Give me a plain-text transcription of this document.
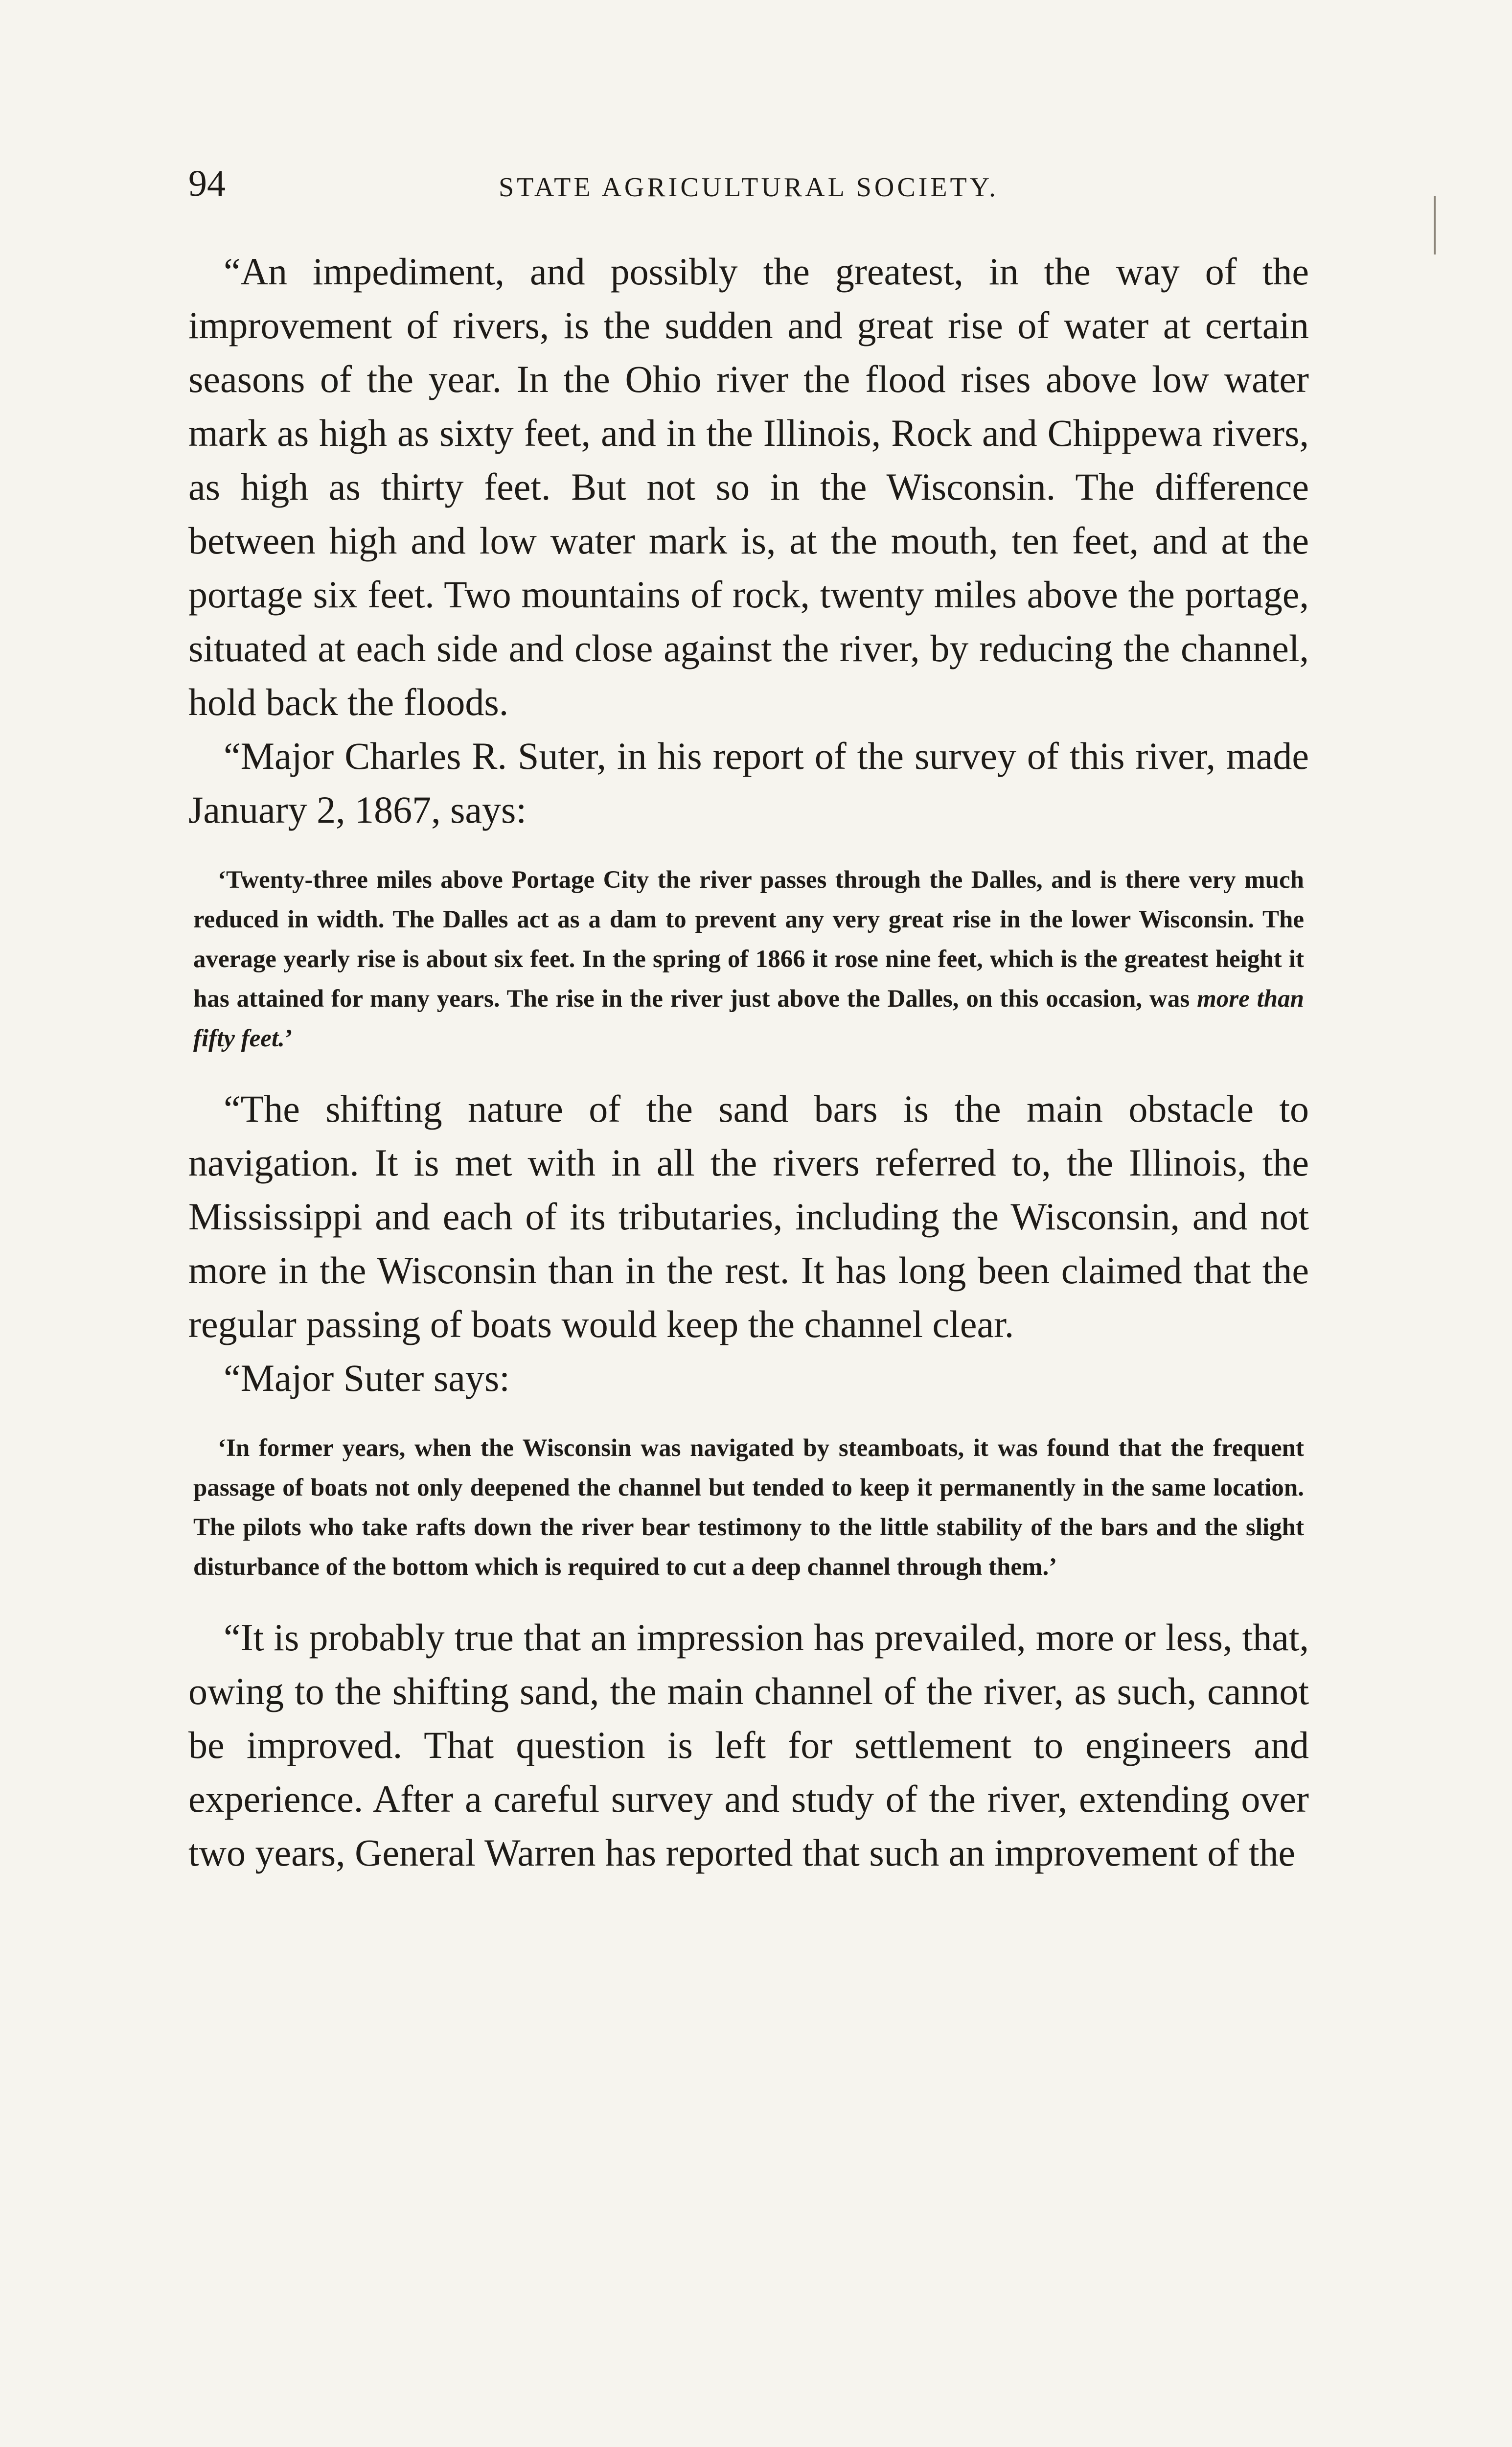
94	STATE AGRICULTURAL SOCIETY.

“An impediment, and possibly the greatest, in the way of the improvement of rivers, is the sudden and great rise of water at certain seasons of the year. In the Ohio river the flood rises above low water mark as high as sixty feet, and in the Illinois, Rock and Chippewa rivers, as high as thirty feet. But not so in the Wisconsin. The difference between high and low water mark is, at the mouth, ten feet, and at the portage six feet. Two mountains of rock, twenty miles above the portage, situated at each side and close against the river, by reducing the channel, hold back the floods.

“Major Charles R. Suter, in his report of the survey of this river, made January 2, 1867, says:

‘Twenty-three miles above Portage City the river passes through the Dalles, and is there very much reduced in width. The Dalles act as a dam to prevent any very great rise in the lower Wisconsin. The average yearly rise is about six feet. In the spring of 1866 it rose nine feet, which is the greatest height it has attained for many years. The rise in the river just above the Dalles, on this occasion, was more than fifty feet.’

“The shifting nature of the sand bars is the main obstacle to navigation. It is met with in all the rivers referred to, the Illinois, the Mississippi and each of its tributaries, including the Wisconsin, and not more in the Wisconsin than in the rest. It has long been claimed that the regular passing of boats would keep the channel clear.

“Major Suter says:

‘In former years, when the Wisconsin was navigated by steamboats, it was found that the frequent passage of boats not only deepened the channel but tended to keep it permanently in the same location. The pilots who take rafts down the river bear testimony to the little stability of the bars and the slight disturbance of the bottom which is required to cut a deep channel through them.’

“It is probably true that an impression has prevailed, more or less, that, owing to the shifting sand, the main channel of the river, as such, cannot be improved. That question is left for settlement to engineers and experience. After a careful survey and study of the river, extending over two years, General Warren has reported that such an improvement of the
